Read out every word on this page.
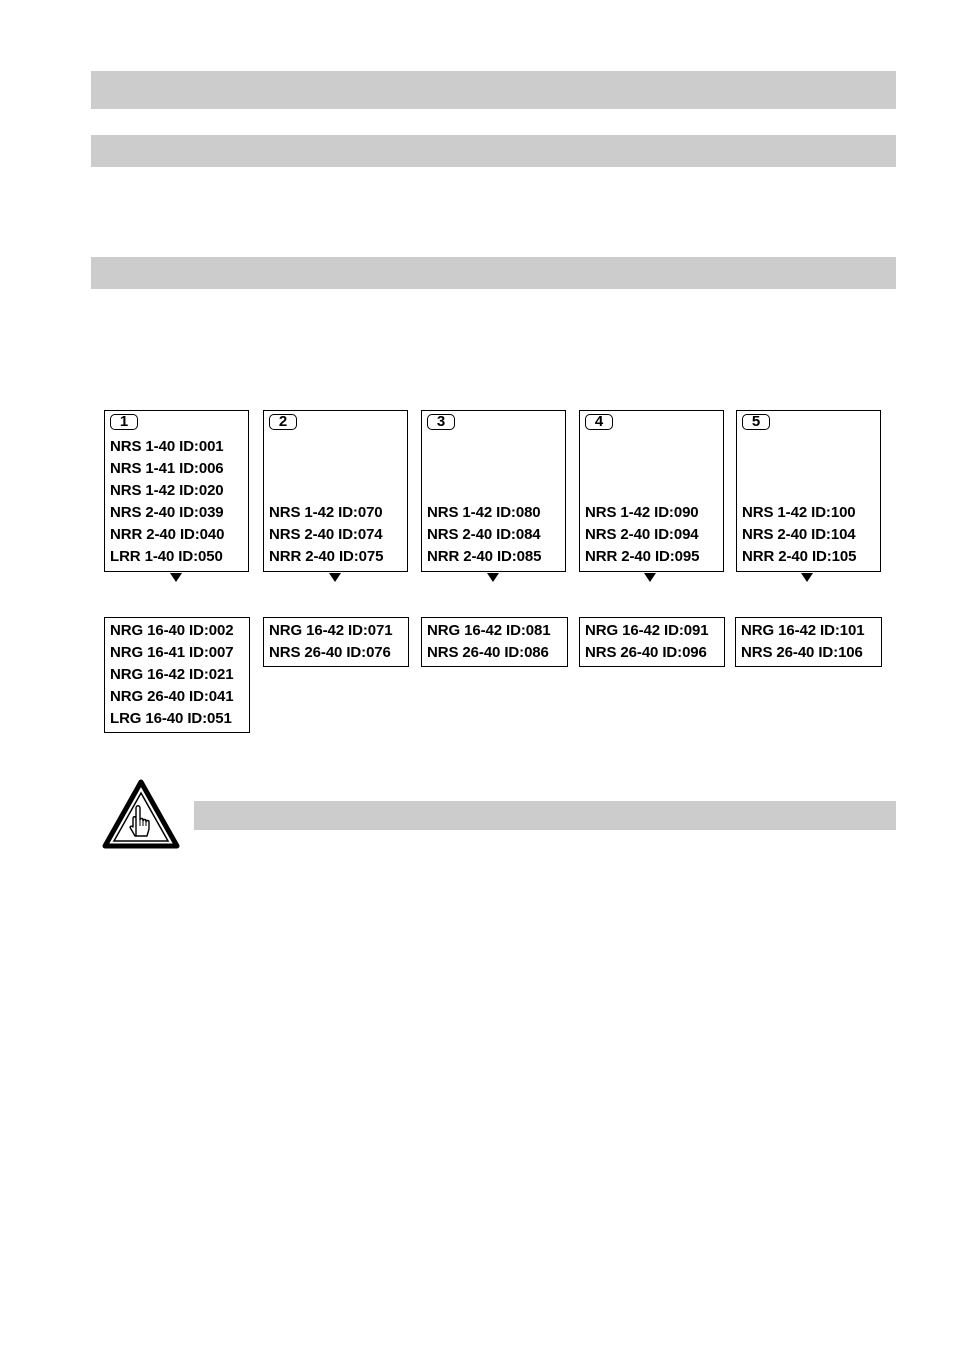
1
NRS 1-40 ID:001
NRS 1-41 ID:006
NRS 1-42 ID:020
NRS 2-40 ID:039
NRR 2-40 ID:040
LRR 1-40 ID:050
2
NRS 1-42 ID:070
NRS 2-40 ID:074
NRR 2-40 ID:075
3
NRS 1-42 ID:080
NRS 2-40 ID:084
NRR 2-40 ID:085
4
NRS 1-42 ID:090
NRS 2-40 ID:094
NRR 2-40 ID:095
5
NRS 1-42 ID:100
NRS 2-40 ID:104
NRR 2-40 ID:105
NRG 16-40 ID:002
NRG 16-41 ID:007
NRG 16-42 ID:021
NRG 26-40 ID:041
LRG 16-40 ID:051
NRG 16-42 ID:071
NRS 26-40 ID:076
NRG 16-42 ID:081
NRS 26-40 ID:086
NRG 16-42 ID:091
NRS 26-40 ID:096
NRG 16-42 ID:101
NRS 26-40 ID:106
